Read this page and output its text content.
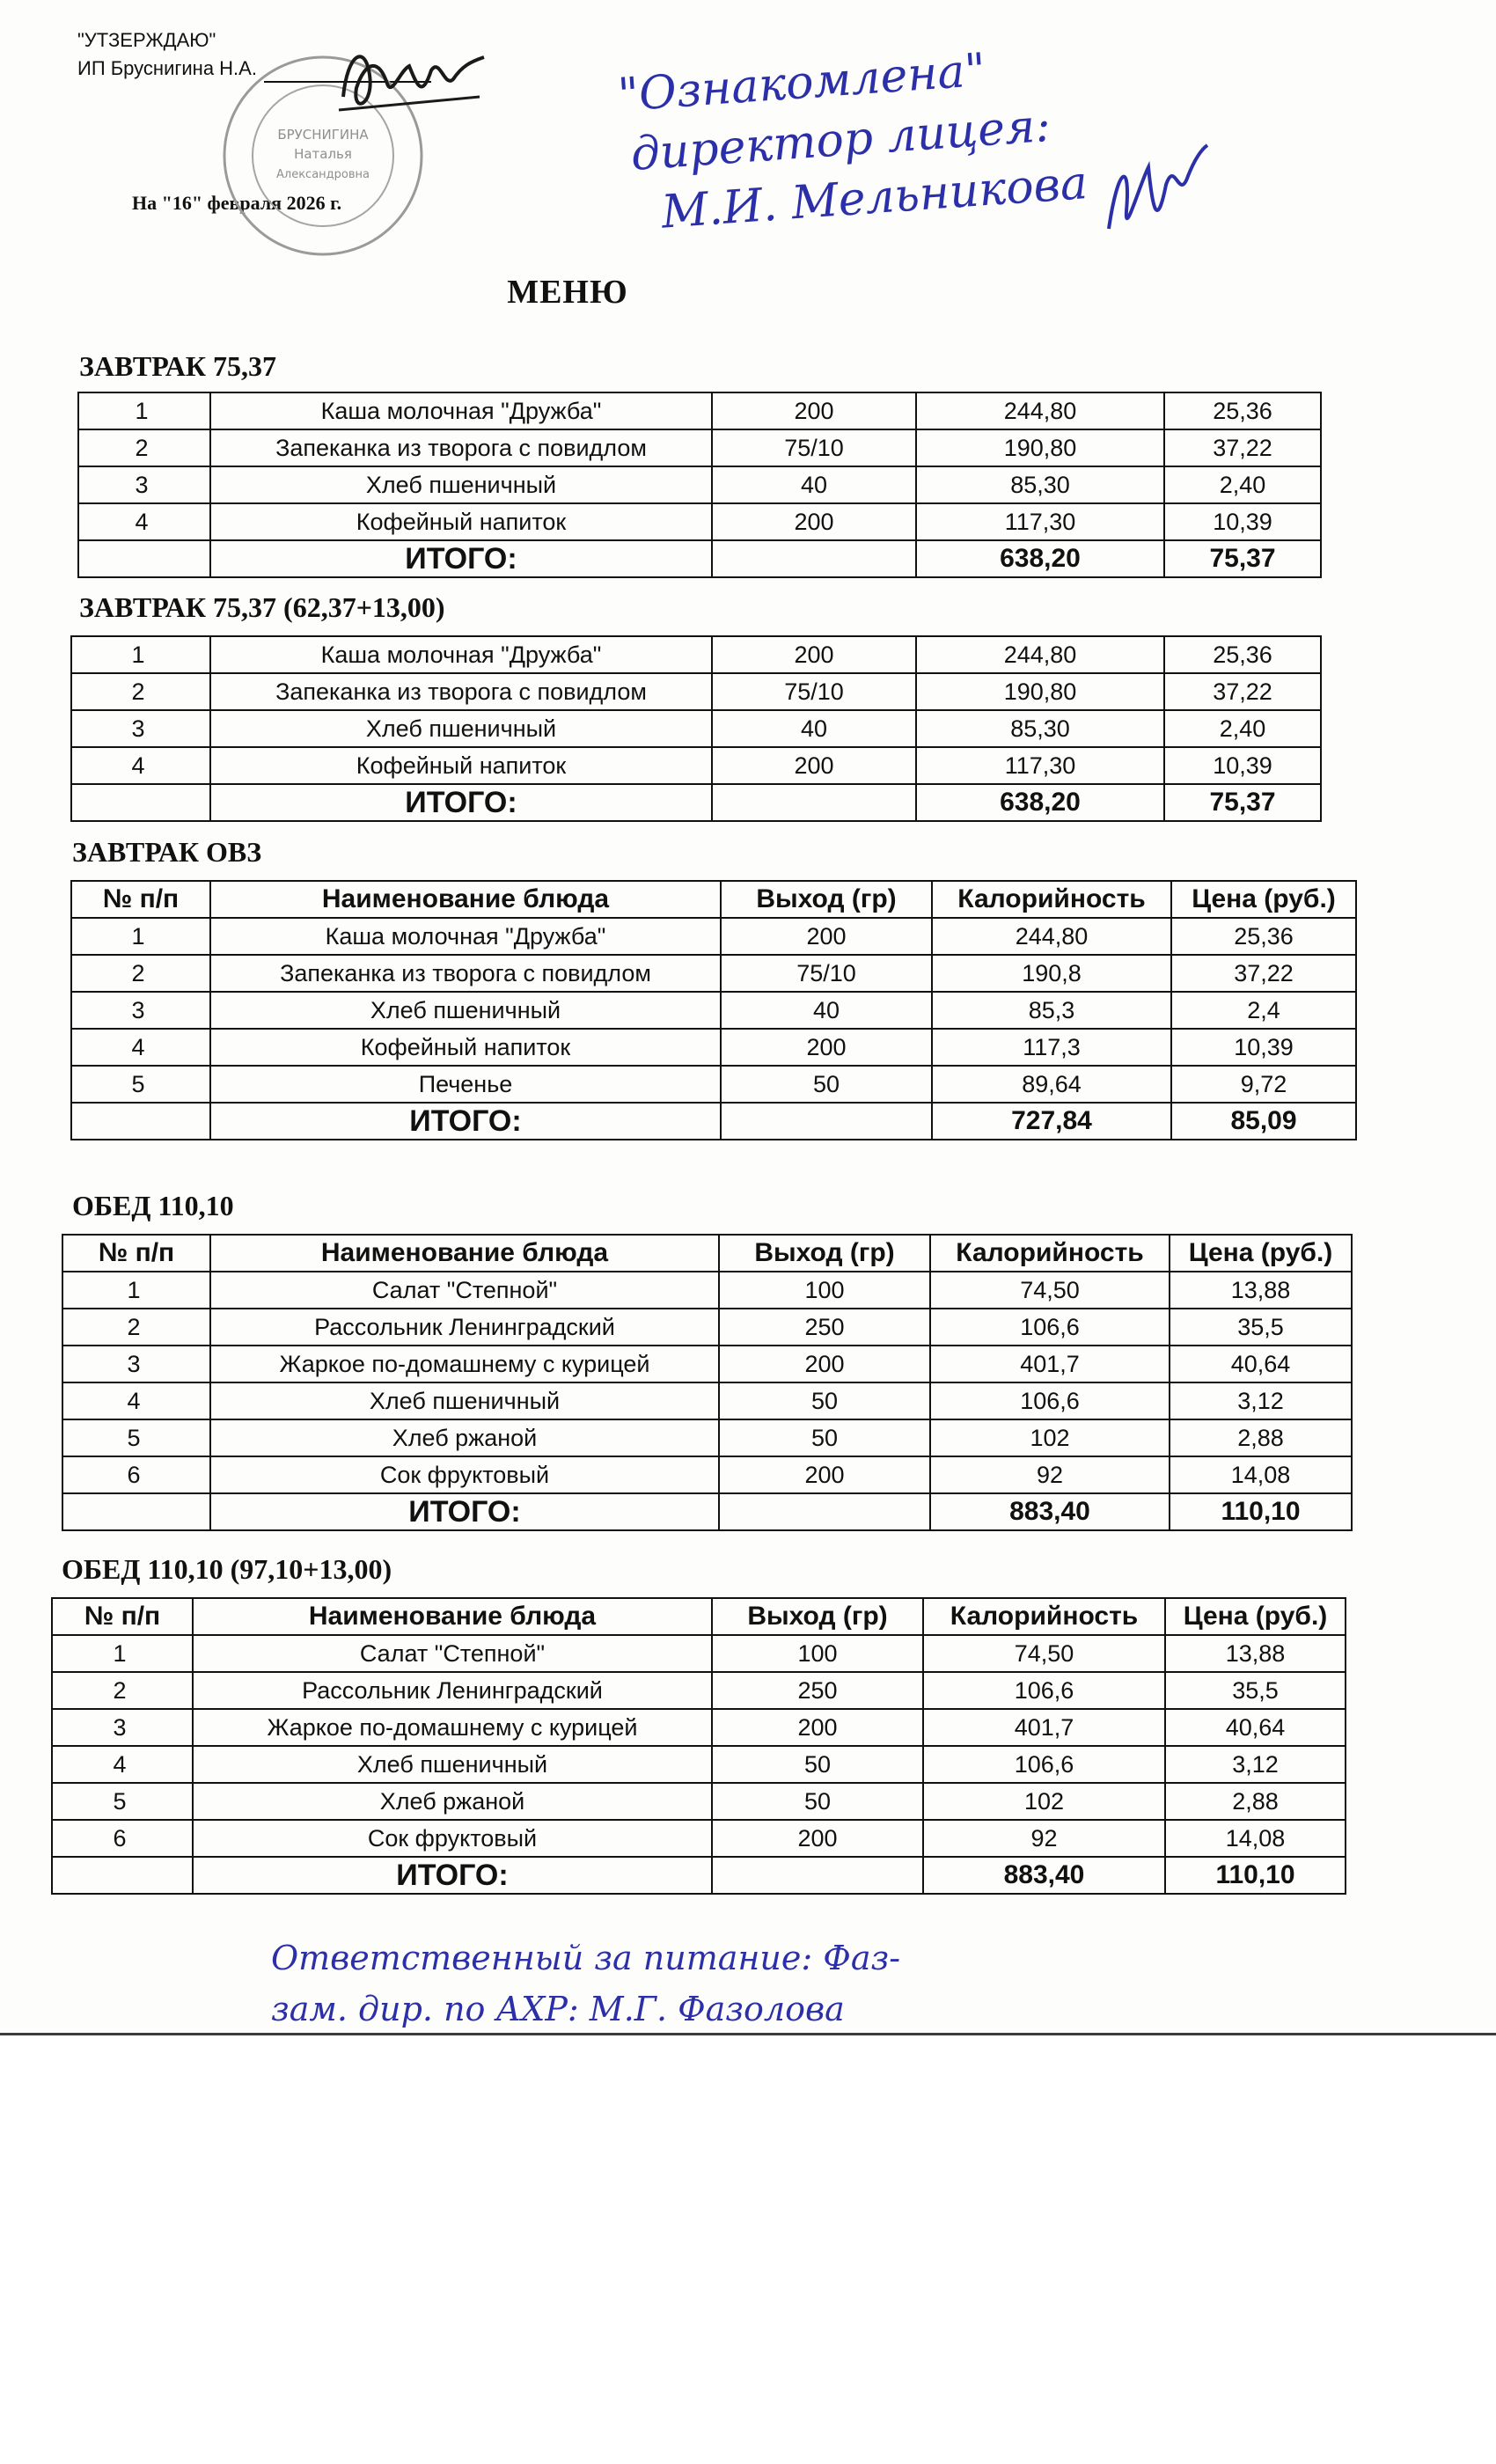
"УТЗЕРЖДАЮ"
ИП Бруснигина Н.А.
На "16" февраля 2026 г.
БРУСНИГИНА
Наталья
Александровна
"Ознакомлена"
директор лицея:
М.И. Мельникова
МЕНЮ
ЗАВТРАК 75,37
1	Каша молочная "Дружба"	200	244,80	25,36
2	Запеканка из творога с повидлом	75/10	190,80	37,22
3	Хлеб пшеничный	40	85,30	2,40
4	Кофейный напиток	200	117,30	10,39
	ИТОГО:		638,20	75,37
ЗАВТРАК 75,37 (62,37+13,00)
1	Каша молочная "Дружба"	200	244,80	25,36
2	Запеканка из творога с повидлом	75/10	190,80	37,22
3	Хлеб пшеничный	40	85,30	2,40
4	Кофейный напиток	200	117,30	10,39
	ИТОГО:		638,20	75,37
ЗАВТРАК ОВЗ
№ п/п	Наименование блюда	Выход (гр)	Калорийность	Цена (руб.)
1	Каша молочная "Дружба"	200	244,80	25,36
2	Запеканка из творога с повидлом	75/10	190,8	37,22
3	Хлеб пшеничный	40	85,3	2,4
4	Кофейный напиток	200	117,3	10,39
5	Печенье	50	89,64	9,72
	ИТОГО:		727,84	85,09
ОБЕД 110,10
№ п/п	Наименование блюда	Выход (гр)	Калорийность	Цена (руб.)
1	Салат "Степной"	100	74,50	13,88
2	Рассольник Ленинградский	250	106,6	35,5
3	Жаркое по-домашнему с курицей	200	401,7	40,64
4	Хлеб пшеничный	50	106,6	3,12
5	Хлеб ржаной	50	102	2,88
6	Сок фруктовый	200	92	14,08
	ИТОГО:		883,40	110,10
ОБЕД 110,10 (97,10+13,00)
№ п/п	Наименование блюда	Выход (гр)	Калорийность	Цена (руб.)
1	Салат "Степной"	100	74,50	13,88
2	Рассольник Ленинградский	250	106,6	35,5
3	Жаркое по-домашнему с курицей	200	401,7	40,64
4	Хлеб пшеничный	50	106,6	3,12
5	Хлеб ржаной	50	102	2,88
6	Сок фруктовый	200	92	14,08
	ИТОГО:		883,40	110,10
Ответственный за питание: Фаз-
зам. дир. по АХР: М.Г. Фазолова
